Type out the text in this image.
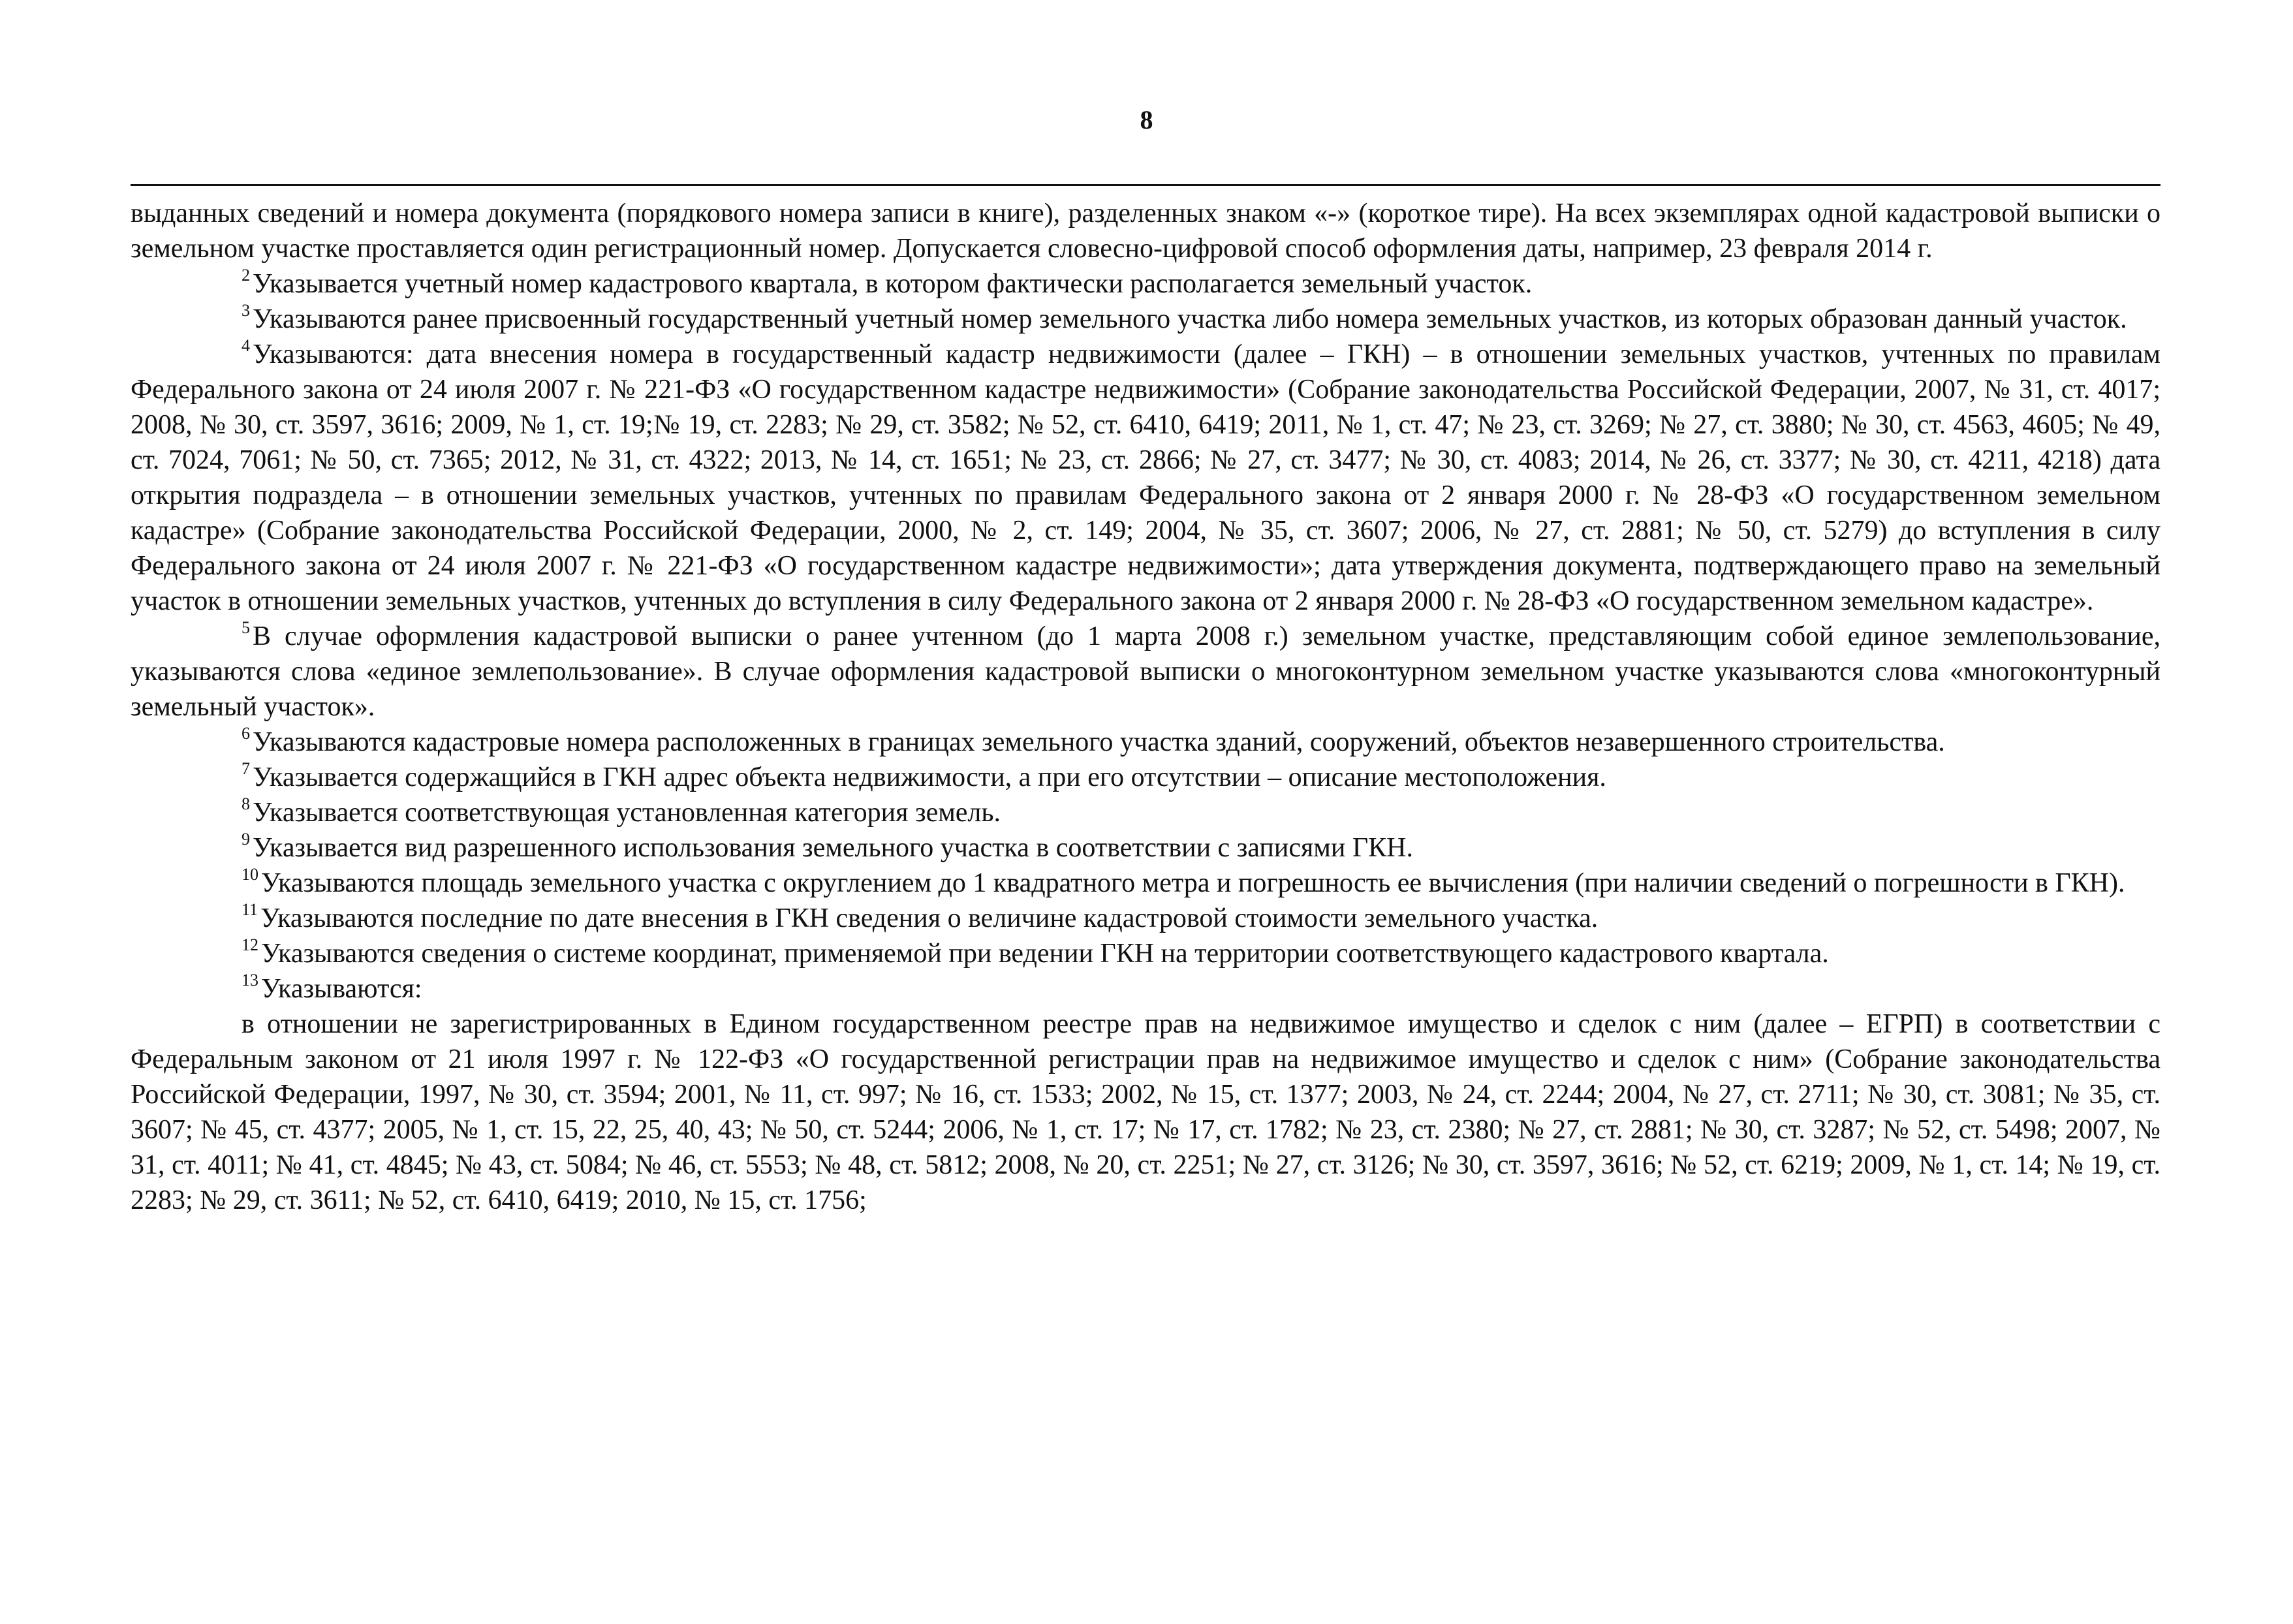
8

выданных сведений и номера документа (порядкового номера записи в книге), разделенных знаком «-» (короткое тире). На всех экземплярах одной кадастровой выписки о земельном участке проставляется один регистрационный номер. Допускается словесно-цифровой способ оформления даты, например, 23 февраля 2014 г.

$^2$Указывается учетный номер кадастрового квартала, в котором фактически располагается земельный участок.

$^3$Указываются ранее присвоенный государственный учетный номер земельного участка либо номера земельных участков, из которых образован данный участок.

$^4$Указываются: дата внесения номера в государственный кадастр недвижимости (далее – ГКН) – в отношении земельных участков, учтенных по правилам Федерального закона от 24 июля 2007 г. № 221-ФЗ «О государственном кадастре недвижимости» (Собрание законодательства Российской Федерации, 2007, № 31, ст. 4017; 2008, № 30, ст. 3597, 3616; 2009, № 1, ст. 19;№ 19, ст. 2283; № 29, ст. 3582; № 52, ст. 6410, 6419; 2011, № 1, ст. 47; № 23, ст. 3269; № 27, ст. 3880; № 30, ст. 4563, 4605; № 49, ст. 7024, 7061; № 50, ст. 7365; 2012, № 31, ст. 4322; 2013, № 14, ст. 1651; № 23, ст. 2866; № 27, ст. 3477; № 30, ст. 4083; 2014, № 26, ст. 3377; № 30, ст. 4211, 4218) дата открытия подраздела – в отношении земельных участков, учтенных по правилам Федерального закона от 2 января 2000 г. № 28-ФЗ «О государственном земельном кадастре» (Собрание законодательства Российской Федерации, 2000, № 2, ст. 149; 2004, № 35, ст. 3607; 2006, № 27, ст. 2881; № 50, ст. 5279) до вступления в силу Федерального закона от 24 июля 2007 г. № 221-ФЗ «О государственном кадастре недвижимости»; дата утверждения документа, подтверждающего право на земельный участок в отношении земельных участков, учтенных до вступления в силу Федерального закона от 2 января 2000 г. № 28-ФЗ «О государственном земельном кадастре».

$^5$В случае оформления кадастровой выписки о ранее учтенном (до 1 марта 2008 г.) земельном участке, представляющим собой единое землепользование, указываются слова «единое землепользование». В случае оформления кадастровой выписки о многоконтурном земельном участке указываются слова «многоконтурный земельный участок».

$^6$Указываются кадастровые номера расположенных в границах земельного участка зданий, сооружений, объектов незавершенного строительства.

$^7$Указывается содержащийся в ГКН адрес объекта недвижимости, а при его отсутствии – описание местоположения.

$^8$Указывается соответствующая установленная категория земель.

$^9$Указывается вид разрешенного использования земельного участка в соответствии с записями ГКН.

$^{10}$Указываются площадь земельного участка с округлением до 1 квадратного метра и погрешность ее вычисления (при наличии сведений о погрешности в ГКН).

$^{11}$Указываются последние по дате внесения в ГКН сведения о величине кадастровой стоимости земельного участка.

$^{12}$Указываются сведения о системе координат, применяемой при ведении ГКН на территории соответствующего кадастрового квартала.

$^{13}$Указываются:

в отношении не зарегистрированных в Едином государственном реестре прав на недвижимое имущество и сделок с ним (далее – ЕГРП) в соответствии с Федеральным законом от 21 июля 1997 г. № 122-ФЗ «О государственной регистрации прав на недвижимое имущество и сделок с ним» (Собрание законодательства Российской Федерации, 1997, № 30, ст. 3594; 2001, № 11, ст. 997; № 16, ст. 1533; 2002, № 15, ст. 1377; 2003, № 24, ст. 2244; 2004, № 27, ст. 2711; № 30, ст. 3081; № 35, ст. 3607; № 45, ст. 4377; 2005, № 1, ст. 15, 22, 25, 40, 43; № 50, ст. 5244; 2006, № 1, ст. 17; № 17, ст. 1782; № 23, ст. 2380; № 27, ст. 2881; № 30, ст. 3287; № 52, ст. 5498; 2007, № 31, ст. 4011; № 41, ст. 4845; № 43, ст. 5084; № 46, ст. 5553; № 48, ст. 5812; 2008, № 20, ст. 2251; № 27, ст. 3126; № 30, ст. 3597, 3616; № 52, ст. 6219; 2009, № 1, ст. 14; № 19, ст. 2283; № 29, ст. 3611; № 52, ст. 6410, 6419; 2010, № 15, ст. 1756;
